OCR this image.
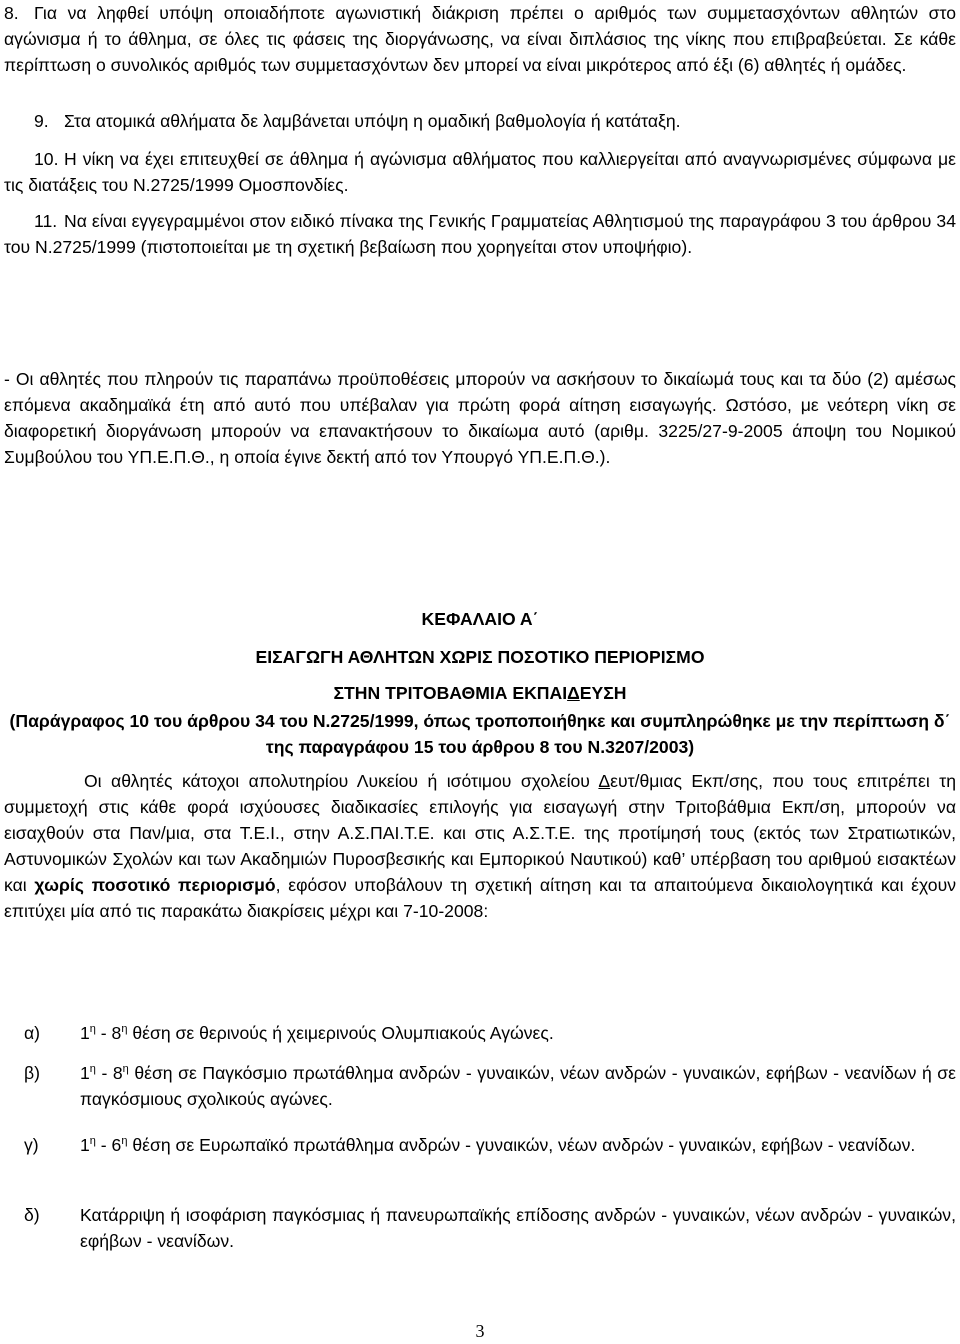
8. Για να ληφθεί υπόψη οποιαδήποτε αγωνιστική διάκριση πρέπει ο αριθμός των συμμετασχόντων αθλητών στο αγώνισμα ή το άθλημα, σε όλες τις φάσεις της διοργάνωσης, να είναι διπλάσιος της νίκης που επιβραβεύεται. Σε κάθε περίπτωση ο συνολικός αριθμός των συμμετασχόντων δεν μπορεί να είναι μικρότερος από έξι (6) αθλητές ή ομάδες.

9. Στα ατομικά αθλήματα δε λαμβάνεται υπόψη η ομαδική βαθμολογία ή κατάταξη.

10. Η νίκη να έχει επιτευχθεί σε άθλημα ή αγώνισμα αθλήματος που καλλιεργείται από αναγνωρισμένες σύμφωνα με τις διατάξεις του Ν.2725/1999 Ομοσπονδίες.

11. Να είναι εγγεγραμμένοι στον ειδικό πίνακα της Γενικής Γραμματείας Αθλητισμού της παραγράφου 3 του άρθρου 34 του Ν.2725/1999 (πιστοποιείται με τη σχετική βεβαίωση που χορηγείται στον υποψήφιο).

- Οι αθλητές που πληρούν τις παραπάνω προϋποθέσεις μπορούν να ασκήσουν το δικαίωμά τους και τα δύο (2) αμέσως επόμενα ακαδημαϊκά έτη από αυτό που υπέβαλαν για πρώτη φορά αίτηση εισαγωγής. Ωστόσο, με νεότερη νίκη σε διαφορετική διοργάνωση μπορούν να επανακτήσουν το δικαίωμα αυτό (αριθμ. 3225/27-9-2005 άποψη του Νομικού Συμβούλου του ΥΠ.Ε.Π.Θ., η οποία έγινε δεκτή από τον Υπουργό ΥΠ.Ε.Π.Θ.).

ΚΕΦΑΛΑΙΟ Α΄

ΕΙΣΑΓΩΓΗ ΑΘΛΗΤΩΝ ΧΩΡΙΣ ΠΟΣΟΤΙΚΟ ΠΕΡΙΟΡΙΣΜΟ

ΣΤΗΝ ΤΡΙΤΟΒΑΘΜΙΑ ΕΚΠΑΙΔΕΥΣΗ

(Παράγραφος 10 του άρθρου 34 του Ν.2725/1999, όπως τροποποιήθηκε και συμπληρώθηκε με την περίπτωση δ΄ της παραγράφου 15 του άρθρου 8 του Ν.3207/2003)

Οι αθλητές κάτοχοι απολυτηρίου Λυκείου ή ισότιμου σχολείου Δευτ/θμιας Εκπ/σης, που τους επιτρέπει τη συμμετοχή στις κάθε φορά ισχύουσες διαδικασίες επιλογής για εισαγωγή στην Τριτοβάθμια Εκπ/ση, μπορούν να εισαχθούν στα Παν/μια, στα Τ.Ε.Ι., στην Α.Σ.ΠΑΙ.Τ.Ε. και στις Α.Σ.Τ.Ε. της προτίμησή τους (εκτός των Στρατιωτικών, Αστυνομικών Σχολών και των Ακαδημιών Πυροσβεσικής και Εμπορικού Ναυτικού) καθ’ υπέρβαση του αριθμού εισακτέων και χωρίς ποσοτικό περιορισμό, εφόσον υποβάλουν τη σχετική αίτηση και τα απαιτούμενα δικαιολογητικά και έχουν επιτύχει μία από τις παρακάτω διακρίσεις μέχρι και 7-10-2008:

α) $1^\eta - 8^\eta$ θέση σε θερινούς ή χειμερινούς Ολυμπιακούς Αγώνες.

β) $1^\eta - 8^\eta$ θέση σε Παγκόσμιο πρωτάθλημα ανδρών - γυναικών, νέων ανδρών - γυναικών, εφήβων - νεανίδων ή σε παγκόσμιους σχολικούς αγώνες.

γ) $1^\eta - 6^\eta$ θέση σε Ευρωπαϊκό πρωτάθλημα ανδρών - γυναικών, νέων ανδρών - γυναικών, εφήβων - νεανίδων.

δ) Κατάρριψη ή ισοφάριση παγκόσμιας ή πανευρωπαϊκής επίδοσης ανδρών - γυναικών, νέων ανδρών - γυναικών, εφήβων - νεανίδων.

3
